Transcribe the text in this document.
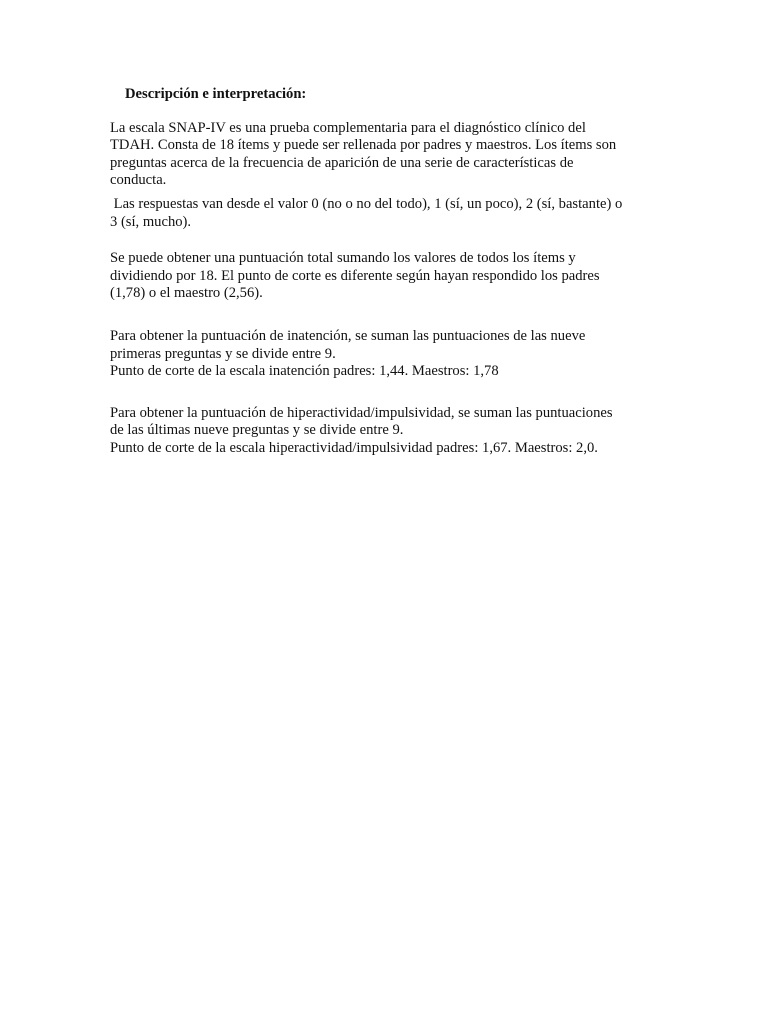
Descripción e interpretación:

La escala SNAP-IV es una prueba complementaria para el diagnóstico clínico del
TDAH. Consta de 18 ítems y puede ser rellenada por padres y maestros. Los ítems son
preguntas acerca de la frecuencia de aparición de una serie de características de
conducta.

Las respuestas van desde el valor 0 (no o no del todo), 1 (sí, un poco), 2 (sí, bastante) o
3 (sí, mucho).

Se puede obtener una puntuación total sumando los valores de todos los ítems y
dividiendo por 18. El punto de corte es diferente según hayan respondido los padres
(1,78) o el maestro (2,56).

Para obtener la puntuación de inatención, se suman las puntuaciones de las nueve
primeras preguntas y se divide entre 9.
Punto de corte de la escala inatención padres: 1,44. Maestros: 1,78

Para obtener la puntuación de hiperactividad/impulsividad, se suman las puntuaciones
de las últimas nueve preguntas y se divide entre 9.
Punto de corte de la escala hiperactividad/impulsividad padres: 1,67. Maestros: 2,0.
